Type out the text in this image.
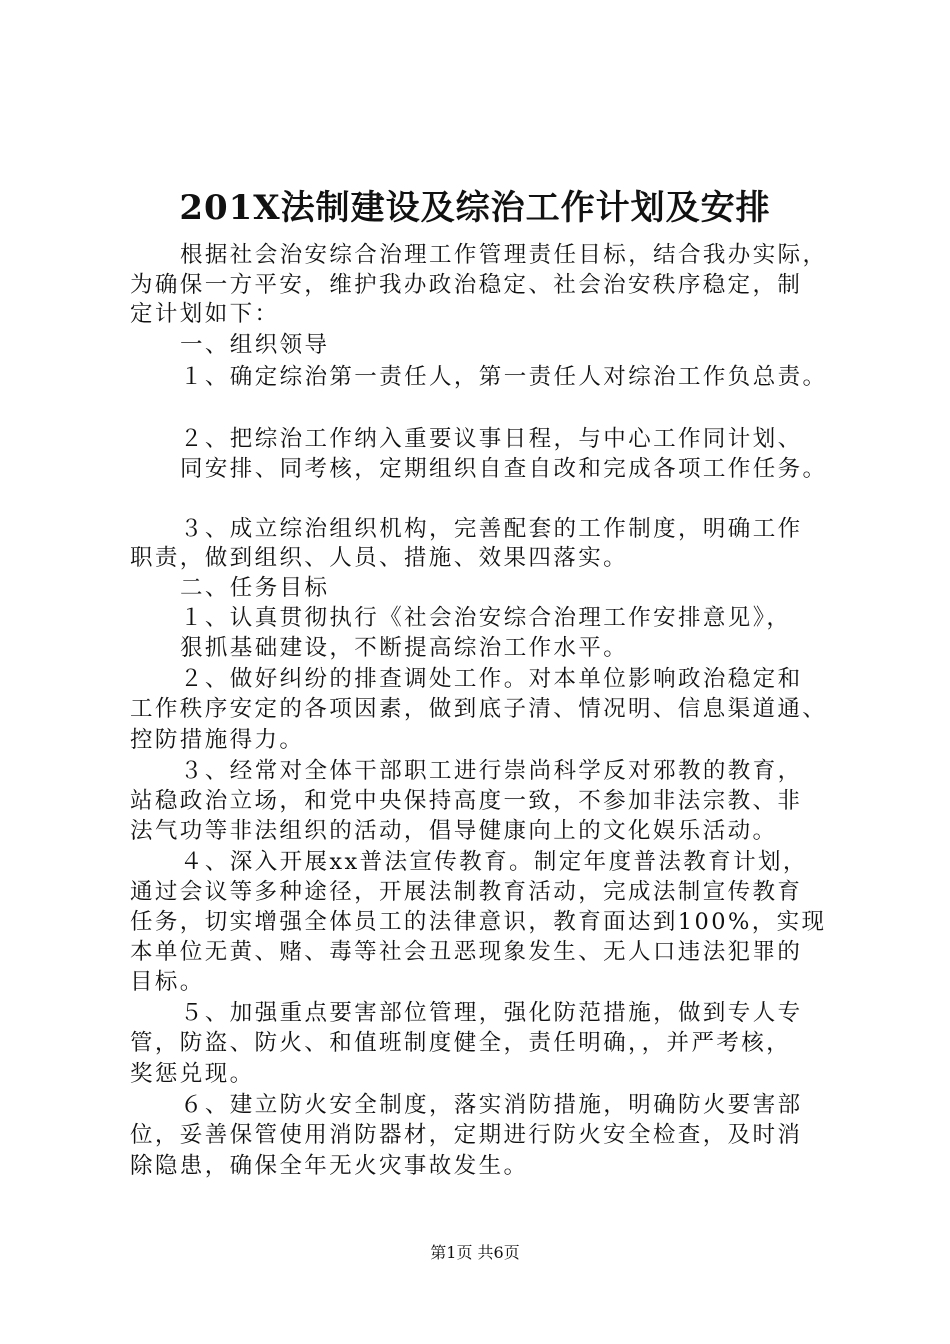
201X法制建设及综治工作计划及安排
根据社会治安综合治理工作管理责任目标，结合我办实际，
为确保一方平安，维护我办政治稳定、社会治安秩序稳定，制
定计划如下：
一、组织领导
１、确定综治第一责任人，第一责任人对综治工作负总责。
２、把综治工作纳入重要议事日程，与中心工作同计划、
同安排、同考核，定期组织自查自改和完成各项工作任务。
３、成立综治组织机构，完善配套的工作制度，明确工作
职责，做到组织、人员、措施、效果四落实。
二、任务目标
１、认真贯彻执行《社会治安综合治理工作安排意见》，
狠抓基础建设，不断提高综治工作水平。
２、做好纠纷的排查调处工作。对本单位影响政治稳定和
工作秩序安定的各项因素，做到底子清、情况明、信息渠道通、
控防措施得力。
３、经常对全体干部职工进行崇尚科学反对邪教的教育，
站稳政治立场，和党中央保持高度一致，不参加非法宗教、非
法气功等非法组织的活动，倡导健康向上的文化娱乐活动。
４、深入开展xx普法宣传教育。制定年度普法教育计划，
通过会议等多种途径，开展法制教育活动，完成法制宣传教育
任务，切实增强全体员工的法律意识，教育面达到100%，实现
本单位无黄、赌、毒等社会丑恶现象发生、无人口违法犯罪的
目标。
５、加强重点要害部位管理，强化防范措施，做到专人专
管，防盗、防火、和值班制度健全，责任明确，，并严考核，
奖惩兑现。
６、建立防火安全制度，落实消防措施，明确防火要害部
位，妥善保管使用消防器材，定期进行防火安全检查，及时消
除隐患，确保全年无火灾事故发生。
第1页 共6页
